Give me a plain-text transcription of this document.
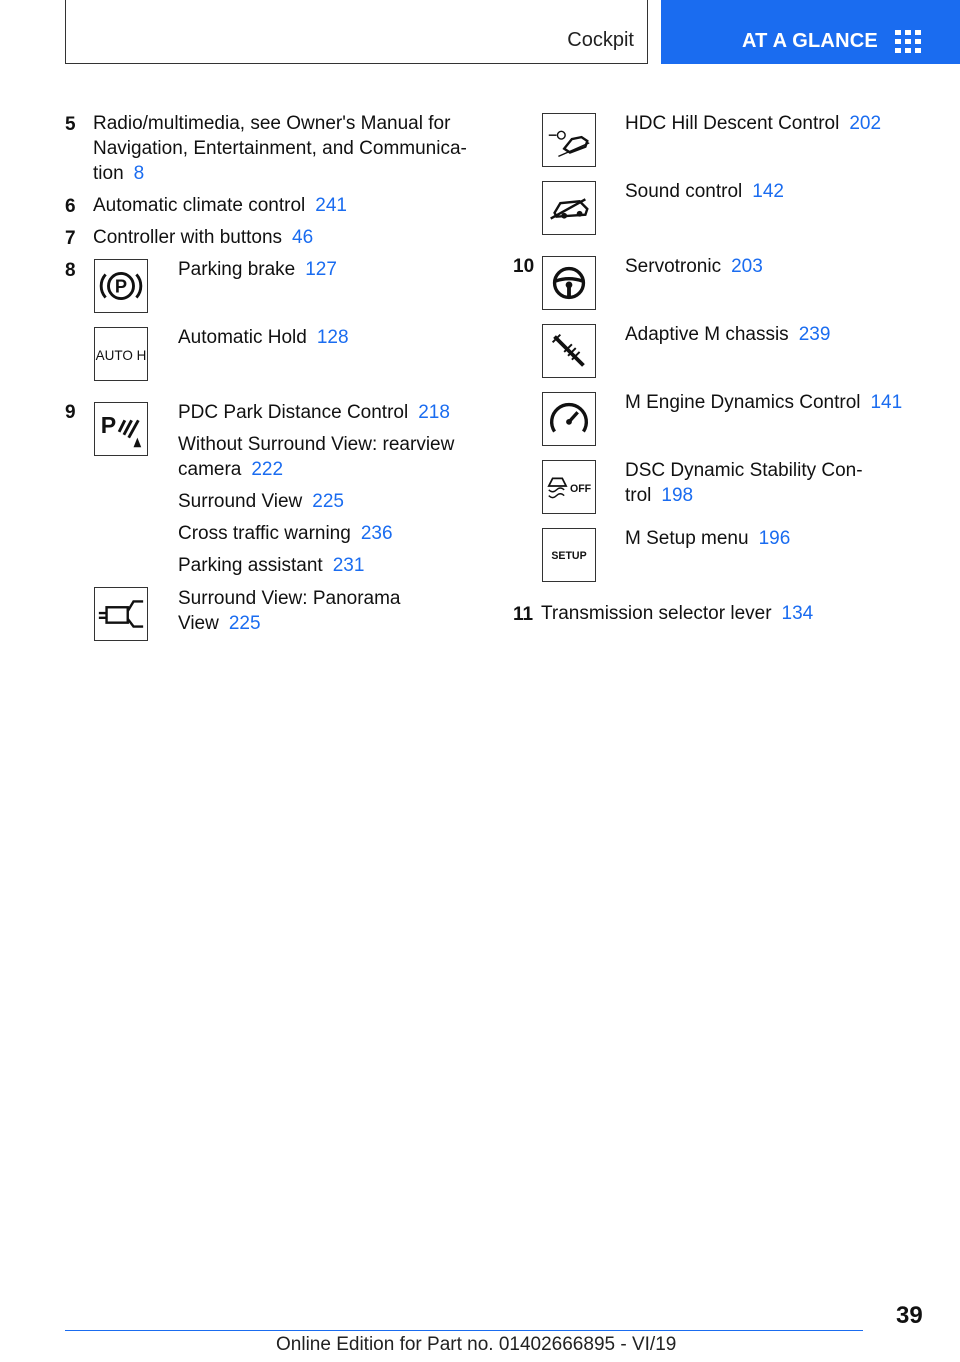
Cockpit	AT A GLANCE
5 Radio/multimedia, see Owner's Manual for
Navigation, Entertainment, and Communica-
tion 8
6 Automatic climate control 241
7 Controller with buttons 46
8
P
Parking brake 127
AUTO H
Automatic Hold 128
9 P	PDC Park Distance Control 218
Without Surround View: rearview
camera 222
Surround View 225
Cross traffic warning 236
Parking assistant 231
Surround View: Panorama
View 225
HDC Hill Descent Control 202
Sound control 142
10	Servotronic 203
Adaptive M chassis 239
M Engine Dynamics Control 141
OFF
DSC Dynamic Stability Con-
trol 198
SETUP
M Setup menu 196
11 Transmission selector lever 134
39
Online Edition for Part no. 01402666895 - VI/19
